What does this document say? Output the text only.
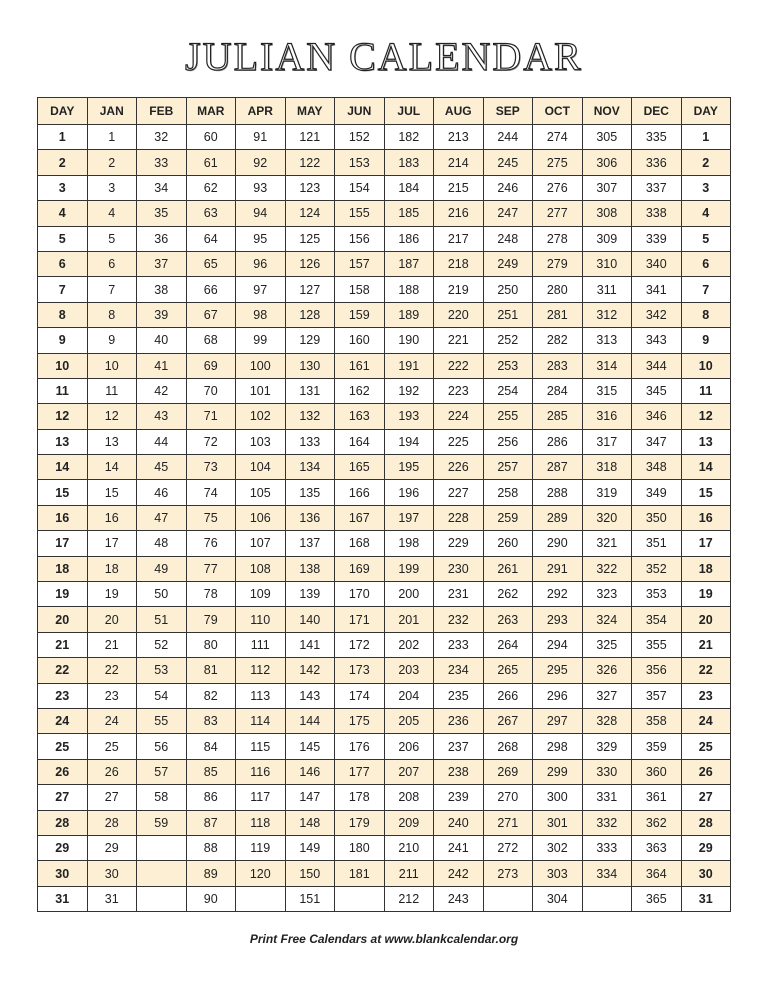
JULIAN CALENDAR
DAY	JAN	FEB	MAR	APR	MAY	JUN	JUL	AUG	SEP	OCT	NOV	DEC	DAY
1	1	32	60	91	121	152	182	213	244	274	305	335	1
2	2	33	61	92	122	153	183	214	245	275	306	336	2
3	3	34	62	93	123	154	184	215	246	276	307	337	3
4	4	35	63	94	124	155	185	216	247	277	308	338	4
5	5	36	64	95	125	156	186	217	248	278	309	339	5
6	6	37	65	96	126	157	187	218	249	279	310	340	6
7	7	38	66	97	127	158	188	219	250	280	311	341	7
8	8	39	67	98	128	159	189	220	251	281	312	342	8
9	9	40	68	99	129	160	190	221	252	282	313	343	9
10	10	41	69	100	130	161	191	222	253	283	314	344	10
11	11	42	70	101	131	162	192	223	254	284	315	345	11
12	12	43	71	102	132	163	193	224	255	285	316	346	12
13	13	44	72	103	133	164	194	225	256	286	317	347	13
14	14	45	73	104	134	165	195	226	257	287	318	348	14
15	15	46	74	105	135	166	196	227	258	288	319	349	15
16	16	47	75	106	136	167	197	228	259	289	320	350	16
17	17	48	76	107	137	168	198	229	260	290	321	351	17
18	18	49	77	108	138	169	199	230	261	291	322	352	18
19	19	50	78	109	139	170	200	231	262	292	323	353	19
20	20	51	79	110	140	171	201	232	263	293	324	354	20
21	21	52	80	111	141	172	202	233	264	294	325	355	21
22	22	53	81	112	142	173	203	234	265	295	326	356	22
23	23	54	82	113	143	174	204	235	266	296	327	357	23
24	24	55	83	114	144	175	205	236	267	297	328	358	24
25	25	56	84	115	145	176	206	237	268	298	329	359	25
26	26	57	85	116	146	177	207	238	269	299	330	360	26
27	27	58	86	117	147	178	208	239	270	300	331	361	27
28	28	59	87	118	148	179	209	240	271	301	332	362	28
29	29		88	119	149	180	210	241	272	302	333	363	29
30	30		89	120	150	181	211	242	273	303	334	364	30
31	31		90		151		212	243		304		365	31
Print Free Calendars at www.blankcalendar.org
